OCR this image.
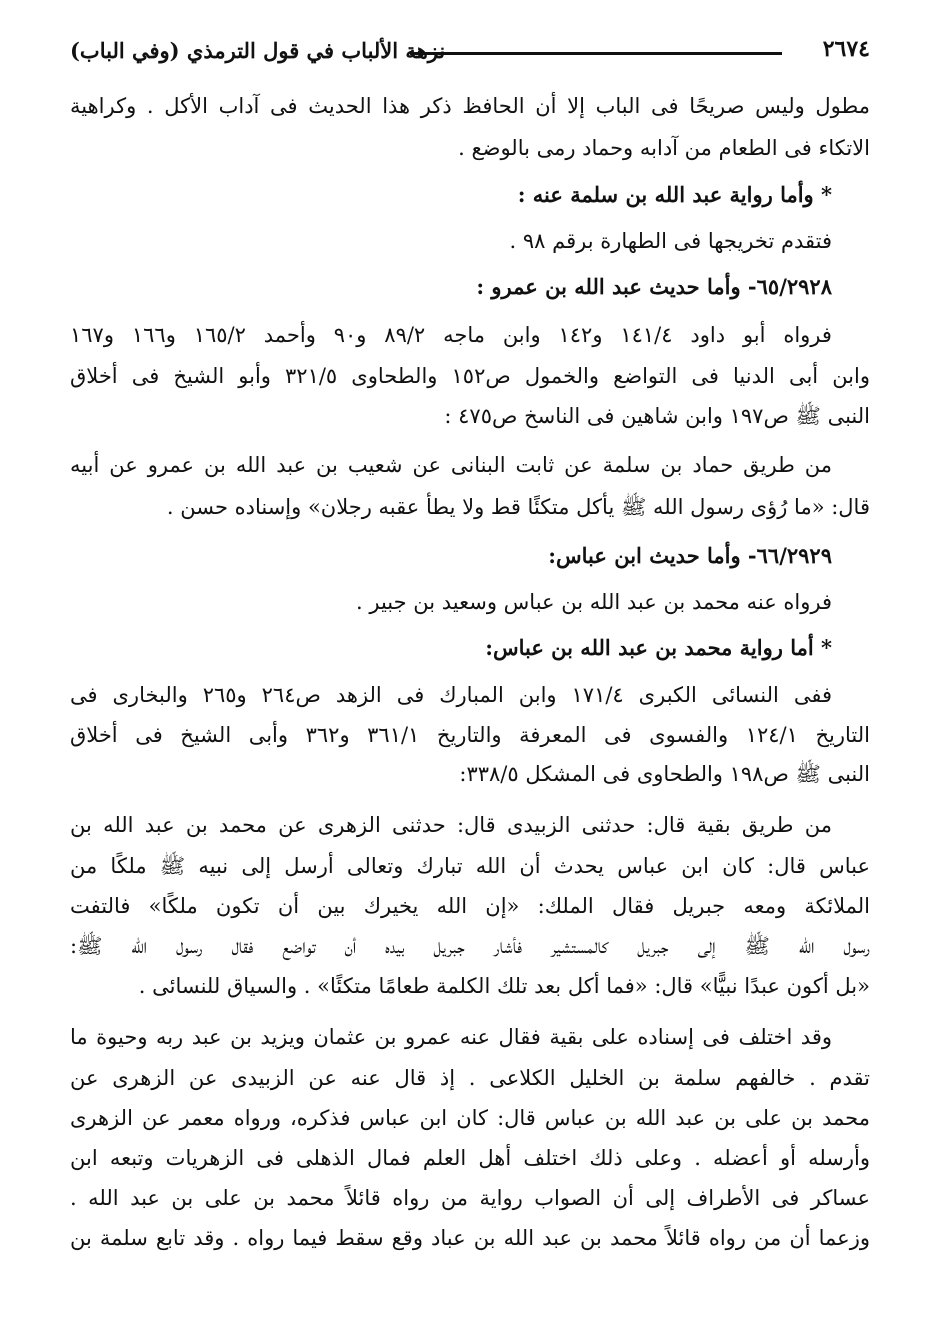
نزهة الألباب في قول الترمذي (وفي الباب)	٢٦٧٤
مطول وليس صريحًا فى الباب إلا أن الحافظ ذكر هذا الحديث فى آداب الأكل . وكراهية
الاتكاء فى الطعام من آدابه وحماد رمى بالوضع .
* وأما رواية عبد الله بن سلمة عنه :
فتقدم تخريجها فى الطهارة برقم ٩٨ .
٦٥/٢٩٢٨- وأما حديث عبد الله بن عمرو :
فرواه أبو داود ١٤١/٤ و١٤٢ وابن ماجه ٨٩/٢ و٩٠ وأحمد ١٦٥/٢ و١٦٦ و١٦٧
وابن أبى الدنيا فى التواضع والخمول ص١٥٢ والطحاوى ٣٢١/٥ وأبو الشيخ فى أخلاق
النبى ﷺ ص١٩٧ وابن شاهين فى الناسخ ص٤٧٥ :
من طريق حماد بن سلمة عن ثابت البنانى عن شعيب بن عبد الله بن عمرو عن أبيه
قال: «ما رُؤى رسول الله ﷺ يأكل متكئًا قط ولا يطأ عقبه رجلان» وإسناده حسن .
٦٦/٢٩٢٩- وأما حديث ابن عباس:
فرواه عنه محمد بن عبد الله بن عباس وسعيد بن جبير .
* أما رواية محمد بن عبد الله بن عباس:
ففى النسائى الكبرى ١٧١/٤ وابن المبارك فى الزهد ص٢٦٤ و٢٦٥ والبخارى فى
التاريخ ١٢٤/١ والفسوى فى المعرفة والتاريخ ٣٦١/١ و٣٦٢ وأبى الشيخ فى أخلاق
النبى ﷺ ص١٩٨ والطحاوى فى المشكل ٣٣٨/٥:
من طريق بقية قال: حدثنى الزبيدى قال: حدثنى الزهرى عن محمد بن عبد الله بن
عباس قال: كان ابن عباس يحدث أن الله تبارك وتعالى أرسل إلى نبيه ﷺ ملكًا من
الملائكة ومعه جبريل فقال الملك: «إن الله يخيرك بين أن تكون ملكًا» فالتفت
رسول الله ﷺ إلى جبريل كالمستشير فأشار جبريل بيده أن تواضع فقال رسول الله ﷺ:
«بل أكون عبدًا نبيًّا» قال: «فما أكل بعد تلك الكلمة طعامًا متكئًا» . والسياق للنسائى .
وقد اختلف فى إسناده على بقية فقال عنه عمرو بن عثمان ويزيد بن عبد ربه وحيوة ما
تقدم . خالفهم سلمة بن الخليل الكلاعى . إذ قال عنه عن الزبيدى عن الزهرى عن
محمد بن على بن عبد الله بن عباس قال: كان ابن عباس فذكره، ورواه معمر عن الزهرى
وأرسله أو أعضله . وعلى ذلك اختلف أهل العلم فمال الذهلى فى الزهريات وتبعه ابن
عساكر فى الأطراف إلى أن الصواب رواية من رواه قائلاً محمد بن على بن عبد الله .
وزعما أن من رواه قائلاً محمد بن عبد الله بن عباد وقع سقط فيما رواه . وقد تابع سلمة بن
